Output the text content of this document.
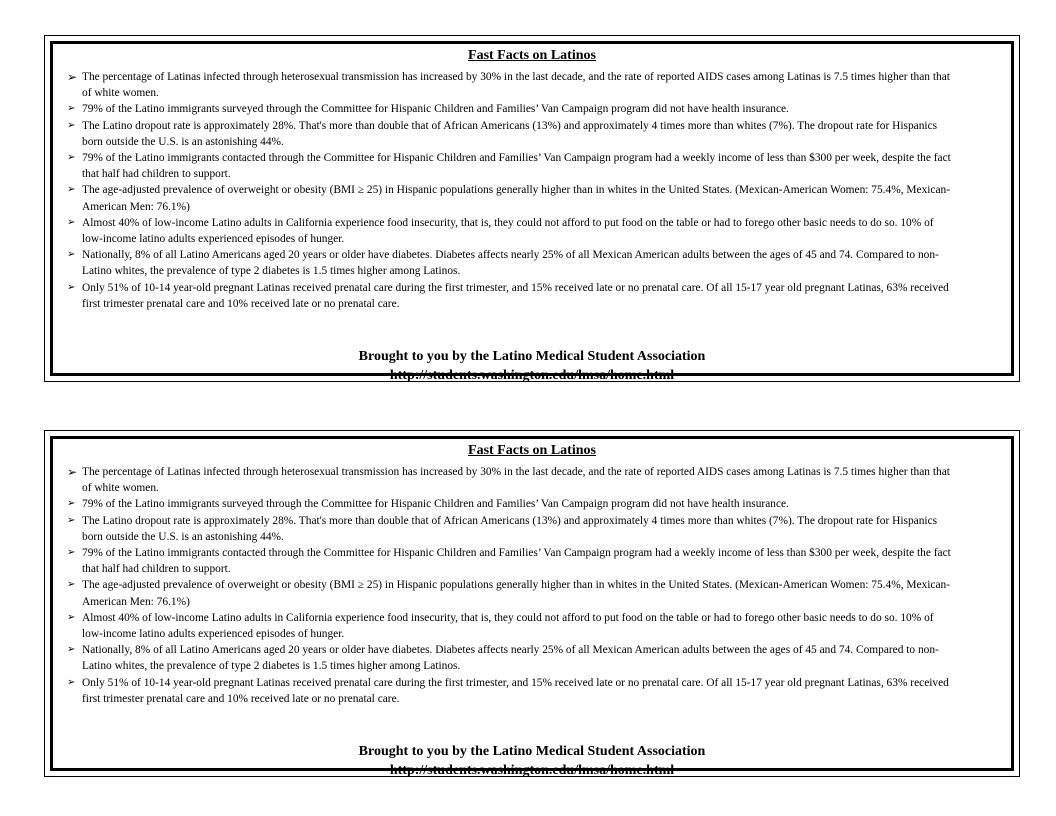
Fast Facts on Latinos
➢ The percentage of Latinas infected through heterosexual transmission has increased by 30% in the last decade, and the rate of reported AIDS cases among Latinas is 7.5 times higher than that of white women.
➢ 79% of the Latino immigrants surveyed through the Committee for Hispanic Children and Families’ Van Campaign program did not have health insurance.
➢ The Latino dropout rate is approximately 28%. That's more than double that of African Americans (13%) and approximately 4 times more than whites (7%). The dropout rate for Hispanics born outside the U.S. is an astonishing 44%.
➢ 79% of the Latino immigrants contacted through the Committee for Hispanic Children and Families’ Van Campaign program had a weekly income of less than $300 per week, despite the fact that half had children to support.
➢ The age-adjusted prevalence of overweight or obesity (BMI ≥ 25) in Hispanic populations generally higher than in whites in the United States. (Mexican-American Women: 75.4%, Mexican-American Men: 76.1%)
➢ Almost 40% of low-income Latino adults in California experience food insecurity, that is, they could not afford to put food on the table or had to forego other basic needs to do so. 10% of low-income latino adults experienced episodes of hunger.
➢ Nationally, 8% of all Latino Americans aged 20 years or older have diabetes. Diabetes affects nearly 25% of all Mexican American adults between the ages of 45 and 74. Compared to non-Latino whites, the prevalence of type 2 diabetes is 1.5 times higher among Latinos.
➢ Only 51% of 10-14 year-old pregnant Latinas received prenatal care during the first trimester, and 15% received late or no prenatal care. Of all 15-17 year old pregnant Latinas, 63% received first trimester prenatal care and 10% received late or no prenatal care.
Brought to you by the Latino Medical Student Association
http://students.washington.edu/lmsa/home.html
Fast Facts on Latinos
➢ The percentage of Latinas infected through heterosexual transmission has increased by 30% in the last decade, and the rate of reported AIDS cases among Latinas is 7.5 times higher than that of white women.
➢ 79% of the Latino immigrants surveyed through the Committee for Hispanic Children and Families’ Van Campaign program did not have health insurance.
➢ The Latino dropout rate is approximately 28%. That's more than double that of African Americans (13%) and approximately 4 times more than whites (7%). The dropout rate for Hispanics born outside the U.S. is an astonishing 44%.
➢ 79% of the Latino immigrants contacted through the Committee for Hispanic Children and Families’ Van Campaign program had a weekly income of less than $300 per week, despite the fact that half had children to support.
➢ The age-adjusted prevalence of overweight or obesity (BMI ≥ 25) in Hispanic populations generally higher than in whites in the United States. (Mexican-American Women: 75.4%, Mexican-American Men: 76.1%)
➢ Almost 40% of low-income Latino adults in California experience food insecurity, that is, they could not afford to put food on the table or had to forego other basic needs to do so. 10% of low-income latino adults experienced episodes of hunger.
➢ Nationally, 8% of all Latino Americans aged 20 years or older have diabetes. Diabetes affects nearly 25% of all Mexican American adults between the ages of 45 and 74. Compared to non-Latino whites, the prevalence of type 2 diabetes is 1.5 times higher among Latinos.
➢ Only 51% of 10-14 year-old pregnant Latinas received prenatal care during the first trimester, and 15% received late or no prenatal care. Of all 15-17 year old pregnant Latinas, 63% received first trimester prenatal care and 10% received late or no prenatal care.
Brought to you by the Latino Medical Student Association
http://students.washington.edu/lmsa/home.html
